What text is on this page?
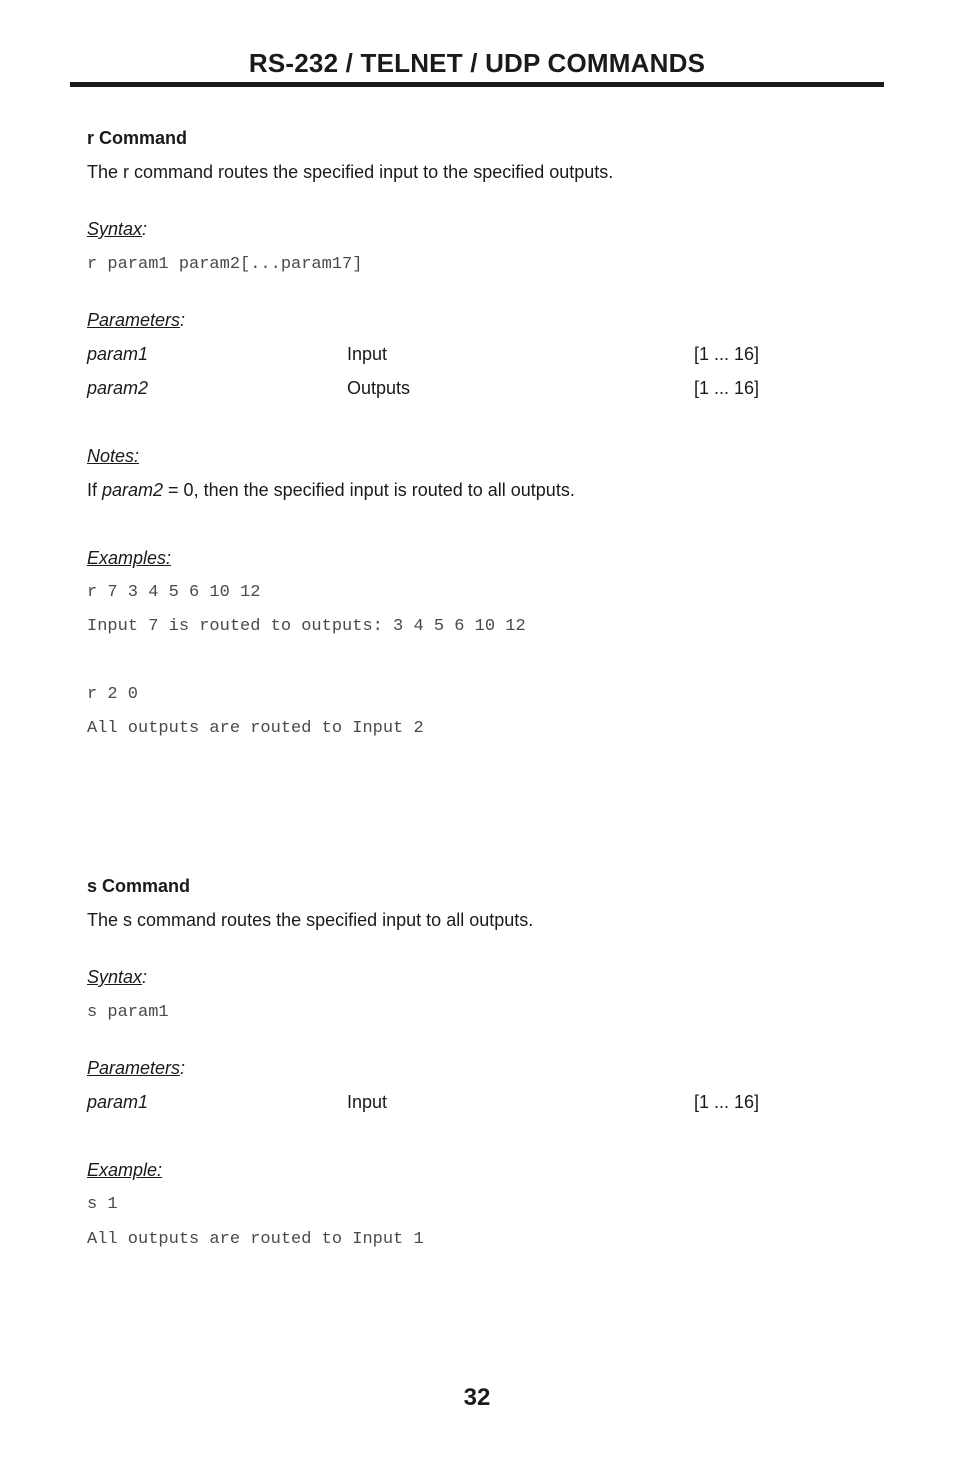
RS-232 / TELNET / UDP COMMANDS
r Command
The r command routes the specified input to the specified outputs.
Syntax:
r param1 param2[...param17]
Parameters:
param1	Input	[1 ... 16]
param2	Outputs	[1 ... 16]
Notes:
If param2 = 0, then the specified input is routed to all outputs.
Examples:
r 7 3 4 5 6 10 12
Input 7 is routed to outputs: 3 4 5 6 10 12
r 2 0
All outputs are routed to Input 2
s Command
The s command routes the specified input to all outputs.
Syntax:
s param1
Parameters:
param1	Input	[1 ... 16]
Example:
s 1
All outputs are routed to Input 1
32
